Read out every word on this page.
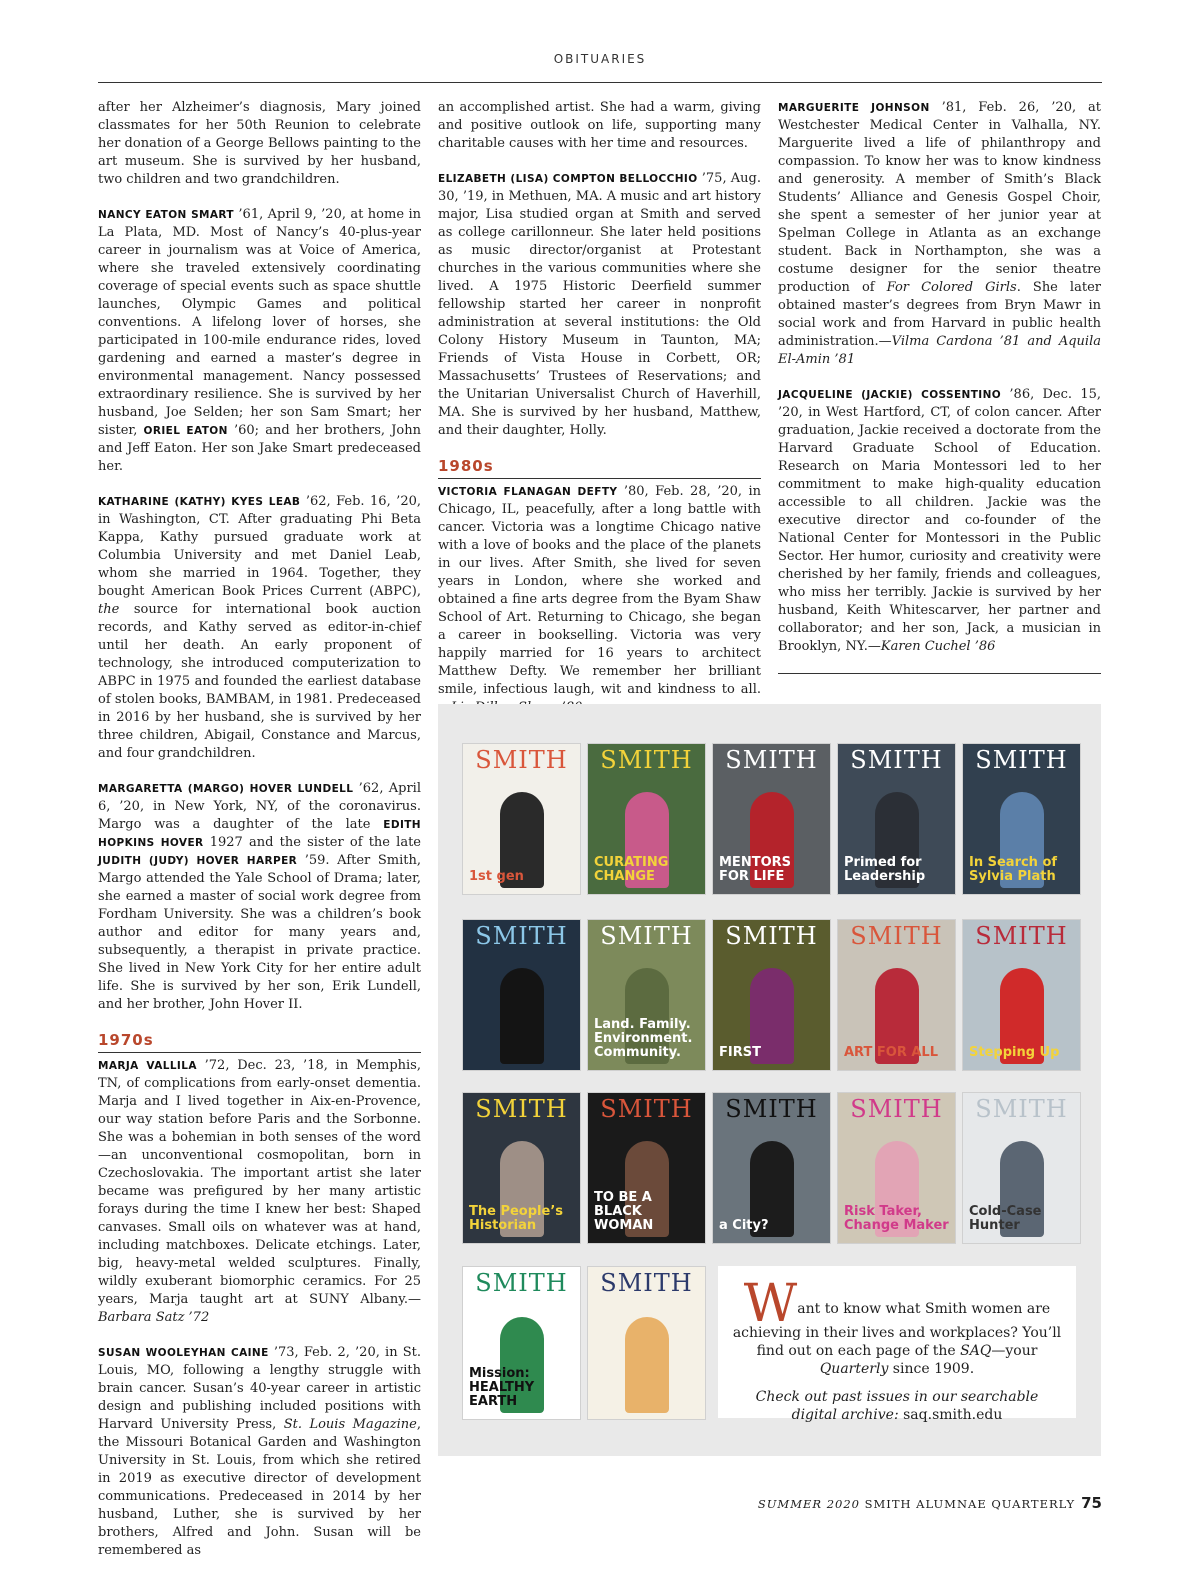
OBITUARIES

after her Alzheimer’s diagnosis, Mary joined classmates for her 50th Reunion to celebrate her donation of a George Bellows painting to the art museum. She is survived by her husband, two children and two grandchildren.

NANCY EATON SMART ’61, April 9, ’20, at home in La Plata, MD. Most of Nancy’s 40-plus-year career in journalism was at Voice of America, where she traveled extensively coordinating coverage of special events such as space shuttle launches, Olympic Games and political conventions. A lifelong lover of horses, she participated in 100-mile endurance rides, loved gardening and earned a master’s degree in environmental management. Nancy possessed extraordinary resilience. She is survived by her husband, Joe Selden; her son Sam Smart; her sister, ORIEL EATON ’60; and her brothers, John and Jeff Eaton. Her son Jake Smart predeceased her.

KATHARINE (KATHY) KYES LEAB ’62, Feb. 16, ’20, in Washington, CT. After graduating Phi Beta Kappa, Kathy pursued graduate work at Columbia University and met Daniel Leab, whom she married in 1964. Together, they bought American Book Prices Current (ABPC), the source for international book auction records, and Kathy served as editor-in-chief until her death. An early proponent of technology, she introduced computerization to ABPC in 1975 and founded the earliest database of stolen books, BAMBAM, in 1981. Predeceased in 2016 by her husband, she is survived by her three children, Abigail, Constance and Marcus, and four grandchildren.

MARGARETTA (MARGO) HOVER LUNDELL ’62, April 6, ’20, in New York, NY, of the coronavirus. Margo was a daughter of the late EDITH HOPKINS HOVER 1927 and the sister of the late JUDITH (JUDY) HOVER HARPER ’59. After Smith, Margo attended the Yale School of Drama; later, she earned a master of social work degree from Fordham University. She was a children’s book author and editor for many years and, subsequently, a therapist in private practice. She lived in New York City for her entire adult life. She is survived by her son, Erik Lundell, and her brother, John Hover II.

1970s

MARJA VALLILA ’72, Dec. 23, ’18, in Memphis, TN, of complications from early-onset dementia. Marja and I lived together in Aix-en-Provence, our way station before Paris and the Sorbonne. She was a bohemian in both senses of the word—an unconventional cosmopolitan, born in Czechoslovakia. The important artist she later became was prefigured by her many artistic forays during the time I knew her best: Shaped canvases. Small oils on whatever was at hand, including matchboxes. Delicate etchings. Later, big, heavy-metal welded sculptures. Finally, wildly exuberant biomorphic ceramics. For 25 years, Marja taught art at SUNY Albany.—Barbara Satz ’72

SUSAN WOOLEYHAN CAINE ’73, Feb. 2, ’20, in St. Louis, MO, following a lengthy struggle with brain cancer. Susan’s 40-year career in artistic design and publishing included positions with Harvard University Press, St. Louis Magazine, the Missouri Botanical Garden and Washington University in St. Louis, from which she retired in 2019 as executive director of development communications. Predeceased in 2014 by her husband, Luther, she is survived by her brothers, Alfred and John. Susan will be remembered as

an accomplished artist. She had a warm, giving and positive outlook on life, supporting many charitable causes with her time and resources.

ELIZABETH (LISA) COMPTON BELLOCCHIO ’75, Aug. 30, ’19, in Methuen, MA. A music and art history major, Lisa studied organ at Smith and served as college carillonneur. She later held positions as music director/organist at Protestant churches in the various communities where she lived. A 1975 Historic Deerfield summer fellowship started her career in nonprofit administration at several institutions: the Old Colony History Museum in Taunton, MA; Friends of Vista House in Corbett, OR; Massachusetts’ Trustees of Reservations; and the Unitarian Universalist Church of Haverhill, MA. She is survived by her husband, Matthew, and their daughter, Holly.

1980s

VICTORIA FLANAGAN DEFTY ’80, Feb. 28, ’20, in Chicago, IL, peacefully, after a long battle with cancer. Victoria was a longtime Chicago native with a love of books and the place of the planets in our lives. After Smith, she lived for seven years in London, where she worked and obtained a fine arts degree from the Byam Shaw School of Art. Returning to Chicago, she began a career in bookselling. Victoria was very happily married for 16 years to architect Matthew Defty. We remember her brilliant smile, infectious laugh, wit and kindness to all.

MARGUERITE JOHNSON ’81, Feb. 26, ’20, at Westchester Medical Center in Valhalla, NY. Marguerite lived a life of philanthropy and compassion. To know her was to know kindness and generosity. A member of Smith’s Black Students’ Alliance and Genesis Gospel Choir, she spent a semester of her junior year at Spelman College in Atlanta as an exchange student. Back in Northampton, she was a costume designer for the senior theatre production of For Colored Girls. She later obtained master’s degrees from Bryn Mawr in social work and from Harvard in public health administration.—Vilma Cardona ’81 and Aquila El-Amin ’81

JACQUELINE (JACKIE) COSSENTINO ’86, Dec. 15, ’20, in West Hartford, CT, of colon cancer. After graduation, Jackie received a doctorate from the Harvard Graduate School of Education. Research on Maria Montessori led to her commitment to make high-quality education accessible to all children. Jackie was the executive director and co-founder of the National Center for Montessori in the Public Sector. Her humor, curiosity and creativity were cherished by her family, friends and colleagues, who miss her terribly. Jackie is survived by her husband, Keith Whitescarver, her partner and collaborator; and her son, Jack, a musician in Brooklyn, NY.—Karen Cuchel ’86

SMITH
1st gen
SMITH
CURATING CHANGE
SMITH
MENTORS FOR LIFE
SMITH
Primed for Leadership
SMITH
In Search of Sylvia Plath
SMITH	SMITH
Land. Family. Environment. Community.
SMITH
FIRST
SMITH
ART FOR ALL
SMITH
Stepping Up
SMITH
The People’s Historian
SMITH
TO BE A BLACK WOMAN
SMITH
a City?
SMITH
Risk Taker, Change Maker
SMITH
Cold-Case Hunter
SMITH
Mission: HEALTHY EARTH
SMITH Want to know what Smith women are achieving in their lives and workplaces? You’ll find out on each page of the SAQ—your Quarterly since 1909.
Check out past issues in our searchable digital archive: saq.smith.edu
SUMMER 2020 SMITH ALUMNAE QUARTERLY 75
